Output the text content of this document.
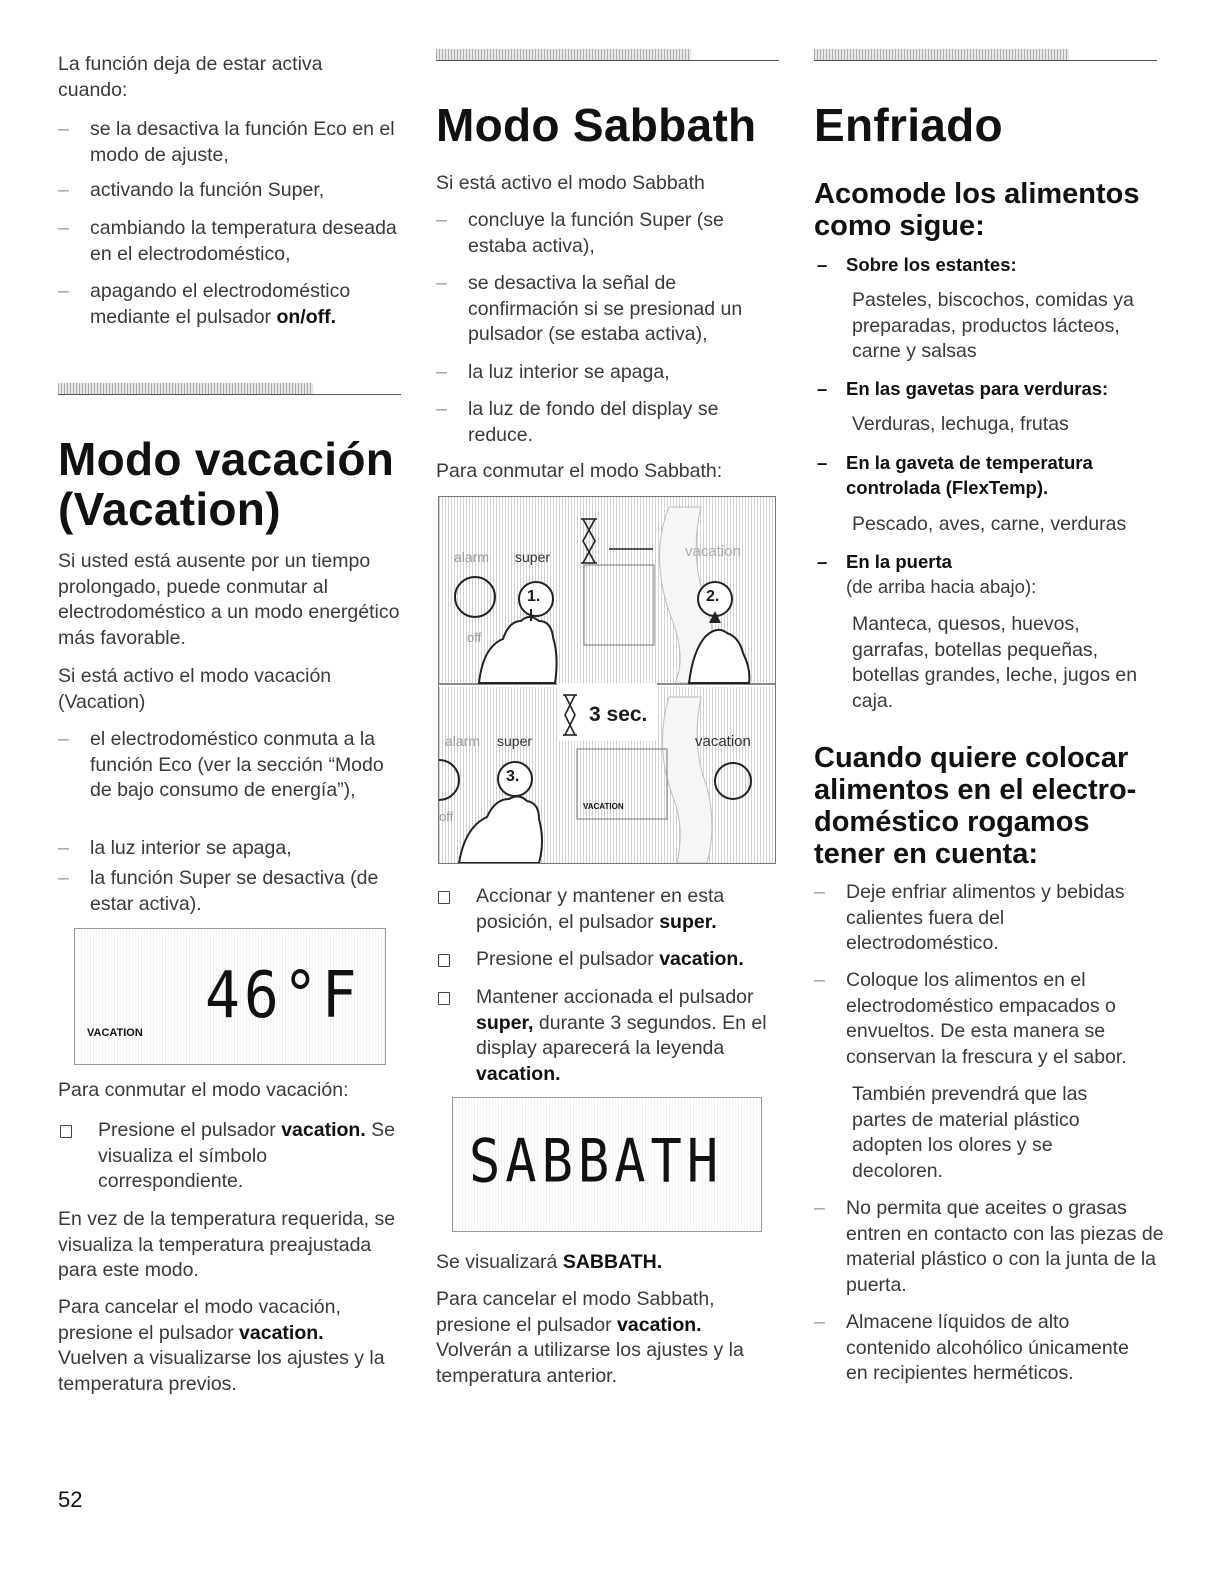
La función deja de estar activa cuando:

– se la desactiva la función Eco en el modo de ajuste,
– activando la función Super,
– cambiando la temperatura deseada en el electrodoméstico,
– apagando el electrodoméstico mediante el pulsador on/off.
Modo vacación
(Vacation)

Si usted está ausente por un tiempo prolongado, puede conmutar al electrodoméstico a un modo energético más favorable.

Si está activo el modo vacación (Vacation)

– el electrodoméstico conmuta a la función Eco (ver la sección “Modo de bajo consumo de energía”),
– la luz interior se apaga,
– la función Super se desactiva (de estar activa).
46°F
VACATION

Para conmutar el modo vacación:

Presione el pulsador vacation. Se visualiza el símbolo correspondiente.

En vez de la temperatura requerida, se visualiza la temperatura preajustada para este modo.

Para cancelar el modo vacación, presione el pulsador vacation. Vuelven a visualizarse los ajustes y la temperatura previos.

52
Modo Sabbath

Si está activo el modo Sabbath

– concluye la función Super (se estaba activa),
– se desactiva la señal de confirmación si se presionad un pulsador (se estaba activa),
– la luz interior se apaga,
– la luz de fondo del display se reduce.

Para conmutar el modo Sabbath:

alarm super	vacation
off
1.	2.
3 sec.
alarm super	vacation
off
3.
VACATION
Accionar y mantener en esta posición, el pulsador super.
Presione el pulsador vacation.
Mantener accionada el pulsador super, durante 3 segundos. En el display aparecerá la leyenda vacation.
SABBATH

Se visualizará SABBATH.

Para cancelar el modo Sabbath, presione el pulsador vacation. Volverán a utilizarse los ajustes y la temperatura anterior.

Enfriado
Acomode los alimentos como sigue:
– Sobre los estantes:
Pasteles, biscochos, comidas ya preparadas, productos lácteos, carne y salsas
– En las gavetas para verduras:
Verduras, lechuga, frutas
– En la gaveta de temperatura controlada (FlexTemp).
Pescado, aves, carne, verduras
– En la puerta
(de arriba hacia abajo):
Manteca, quesos, huevos, garrafas, botellas pequeñas, botellas grandes, leche, jugos en caja.
Cuando quiere colocar alimentos en el electro-doméstico rogamos tener en cuenta:
– Deje enfriar alimentos y bebidas calientes fuera del electrodoméstico.
– Coloque los alimentos en el electrodoméstico empacados o envueltos. De esta manera se conservan la frescura y el sabor.
También prevendrá que las partes de material plástico adopten los olores y se decoloren.
– No permita que aceites o grasas entren en contacto con las piezas de material plástico o con la junta de la puerta.
– Almacene líquidos de alto contenido alcohólico únicamente en recipientes herméticos.
